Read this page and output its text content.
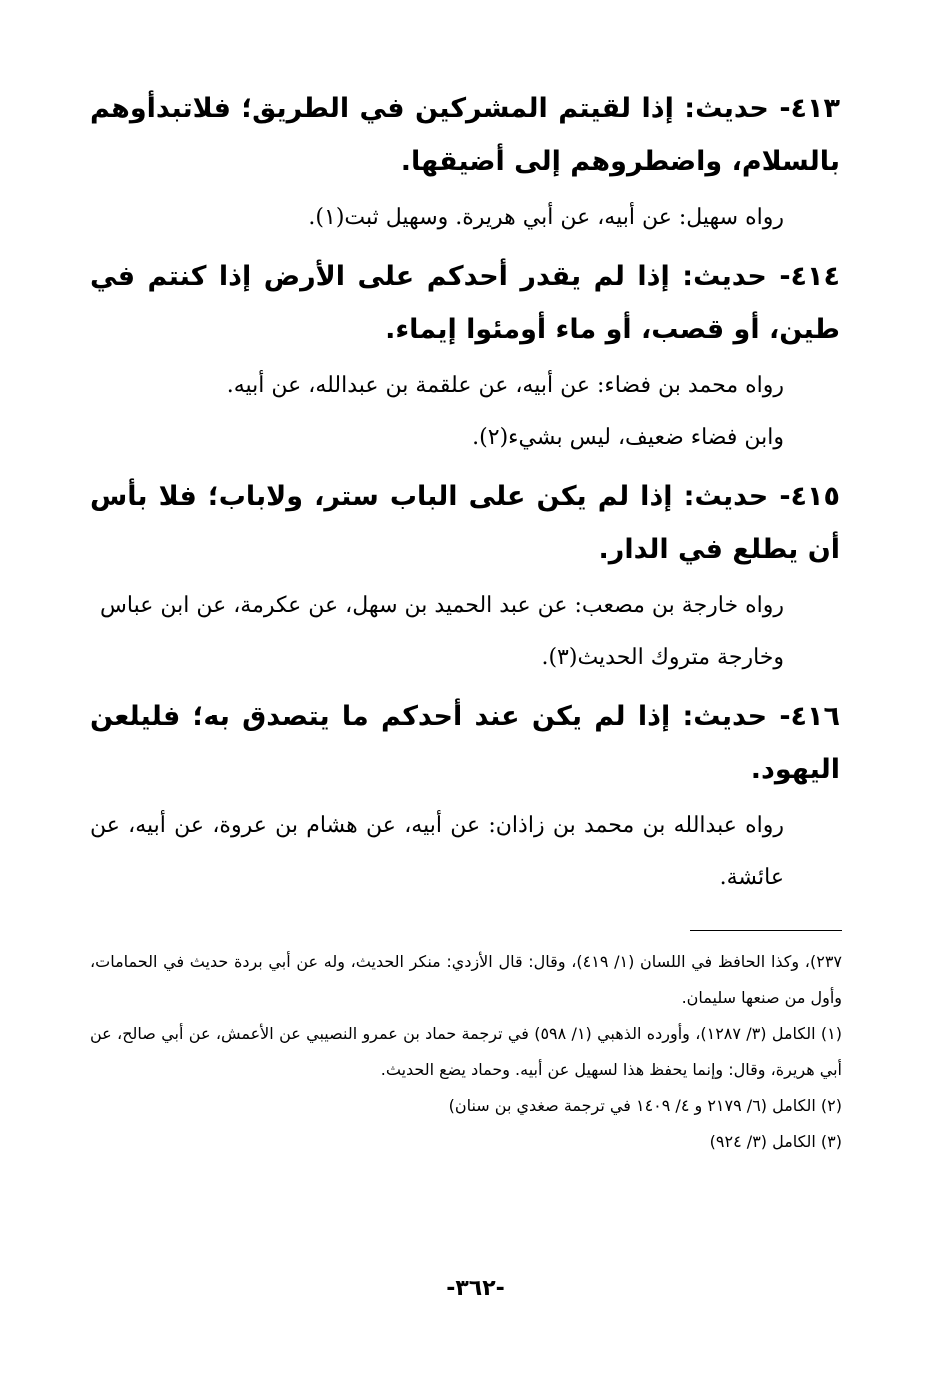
٤١٣- حديث: إذا لقيتم المشركين في الطريق؛ فلاتبدأوهم بالسلام، واضطروهم إلى أضيقها.

رواه سهيل: عن أبيه، عن أبي هريرة. وسهيل ثبت(١).

٤١٤- حديث: إذا لم يقدر أحدكم على الأرض إذا كنتم في طين، أو قصب، أو ماء أومئوا إيماء.

رواه محمد بن فضاء: عن أبيه، عن علقمة بن عبدالله، عن أبيه.

وابن فضاء ضعيف، ليس بشيء(٢).

٤١٥- حديث: إذا لم يكن على الباب ستر، ولاباب؛ فلا بأس أن يطلع في الدار.

رواه خارجة بن مصعب: عن عبد الحميد بن سهل، عن عكرمة، عن ابن عباس

وخارجة متروك الحديث(٣).

٤١٦- حديث: إذا لم يكن عند أحدكم ما يتصدق به؛ فليلعن اليهود.

رواه عبدالله بن محمد بن زاذان: عن أبيه، عن هشام بن عروة، عن أبيه، عن عائشة.

٢٣٧)، وكذا الحافظ في اللسان (١/ ٤١٩)، وقال: قال الأزدي: منكر الحديث، وله عن أبي بردة حديث في الحمامات، وأول من صنعها سليمان.

(١) الكامل (٣/ ١٢٨٧)، وأورده الذهبي (١/ ٥٩٨) في ترجمة حماد بن عمرو النصيبي عن الأعمش، عن أبي صالح، عن أبي هريرة، وقال: وإنما يحفظ هذا لسهيل عن أبيه. وحماد يضع الحديث.

(٢) الكامل (٦/ ٢١٧٩ و ٤/ ١٤٠٩ في ترجمة صغدي بن سنان)

(٣) الكامل (٣/ ٩٢٤)

-٣٦٢-
